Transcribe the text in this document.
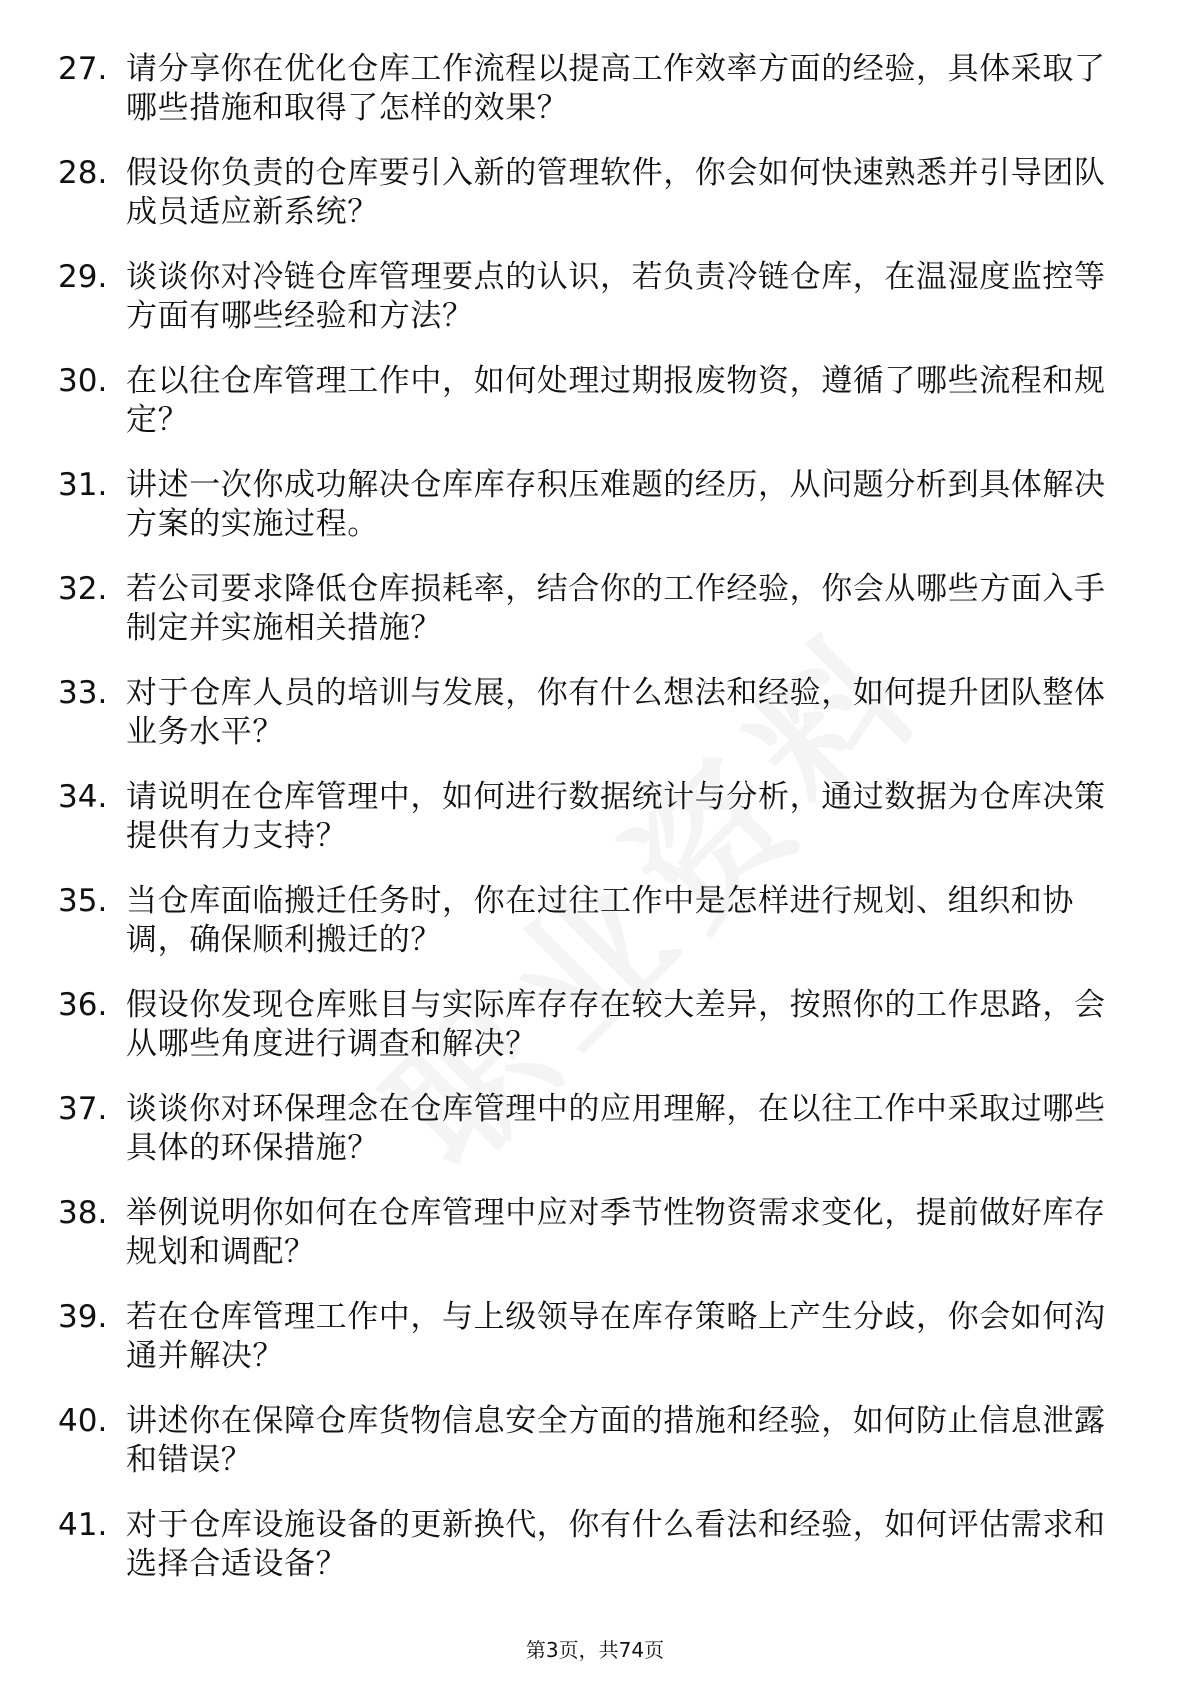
27. 请分享你在优化仓库工作流程以提高工作效率方面的经验，具体采取了哪些措施和取得了怎样的效果？
28. 假设你负责的仓库要引入新的管理软件，你会如何快速熟悉并引导团队成员适应新系统？
29. 谈谈你对冷链仓库管理要点的认识，若负责冷链仓库，在温湿度监控等方面有哪些经验和方法？
30. 在以往仓库管理工作中，如何处理过期报废物资，遵循了哪些流程和规定？
31. 讲述一次你成功解决仓库库存积压难题的经历，从问题分析到具体解决方案的实施过程。
32. 若公司要求降低仓库损耗率，结合你的工作经验，你会从哪些方面入手制定并实施相关措施？
33. 对于仓库人员的培训与发展，你有什么想法和经验，如何提升团队整体业务水平？
34. 请说明在仓库管理中，如何进行数据统计与分析，通过数据为仓库决策提供有力支持？
35. 当仓库面临搬迁任务时，你在过往工作中是怎样进行规划、组织和协调，确保顺利搬迁的？
36. 假设你发现仓库账目与实际库存存在较大差异，按照你的工作思路，会从哪些角度进行调查和解决？
37. 谈谈你对环保理念在仓库管理中的应用理解，在以往工作中采取过哪些具体的环保措施？
38. 举例说明你如何在仓库管理中应对季节性物资需求变化，提前做好库存规划和调配？
39. 若在仓库管理工作中，与上级领导在库存策略上产生分歧，你会如何沟通并解决？
40. 讲述你在保障仓库货物信息安全方面的措施和经验，如何防止信息泄露和错误？
41. 对于仓库设施设备的更新换代，你有什么看法和经验，如何评估需求和选择合适设备？
第3页，共74页
